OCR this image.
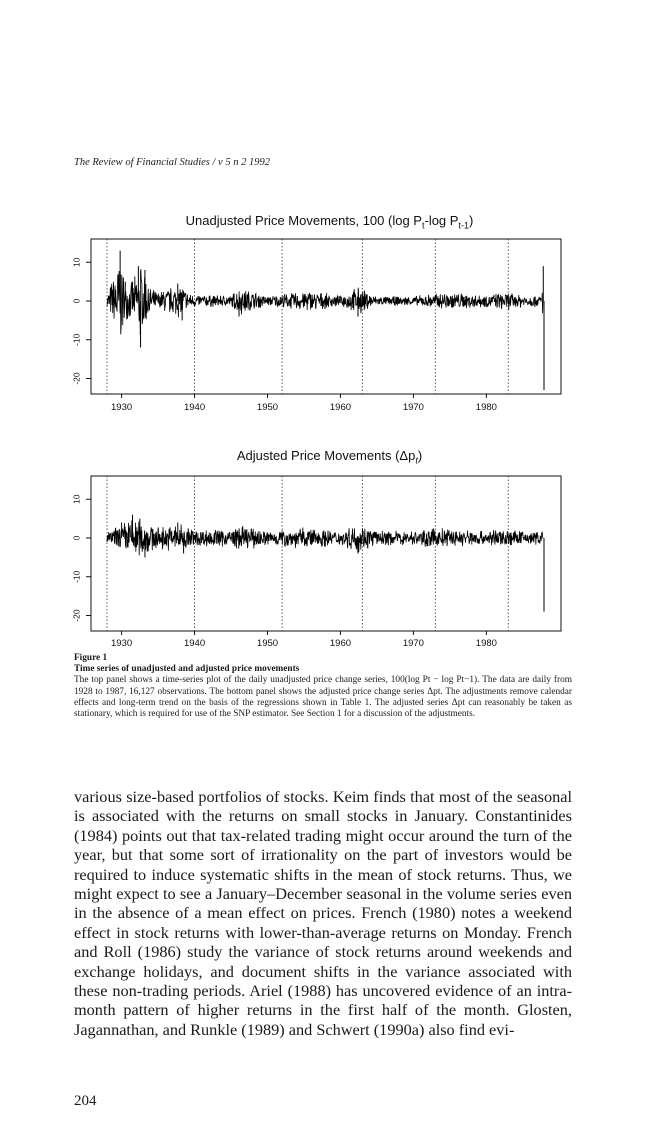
The Review of Financial Studies / v 5 n 2 1992
Unadjusted Price Movements, 100 (log $P_t-\log$ $P_{t-1}$)
Adjusted Price Movements $(\Delta p_t)$
10
0
-10
-20
1930	1940	1950	1960	1970	1980
10
0
-10
-20
1930	1940	1950	1960	1970	1980
Figure 1
Time series of unadjusted and adjusted price movements
The top panel shows a time-series plot of the daily unadjusted price change series, 100(log Pt − log Pt−1). The data are daily from 1928 to 1987, 16,127 observations. The bottom panel shows the adjusted price change series Δpt. The adjustments remove calendar effects and long-term trend on the basis of the regressions shown in Table 1. The adjusted series Δpt can reasonably be taken as stationary, which is required for use of the SNP estimator. See Section 1 for a discussion of the adjustments.
various size-based portfolios of stocks. Keim finds that most of the seasonal is associated with the returns on small stocks in January. Constantinides (1984) points out that tax-related trading might occur around the turn of the year, but that some sort of irrationality on the part of investors would be required to induce systematic shifts in the mean of stock returns. Thus, we might expect to see a January–December seasonal in the volume series even in the absence of a mean effect on prices. French (1980) notes a weekend effect in stock returns with lower-than-average returns on Monday. French and Roll (1986) study the variance of stock returns around weekends and exchange holidays, and document shifts in the variance associated with these non-trading periods. Ariel (1988) has uncovered evidence of an intra-month pattern of higher returns in the first half of the month. Glosten, Jagannathan, and Runkle (1989) and Schwert (1990a) also find evi-
204
